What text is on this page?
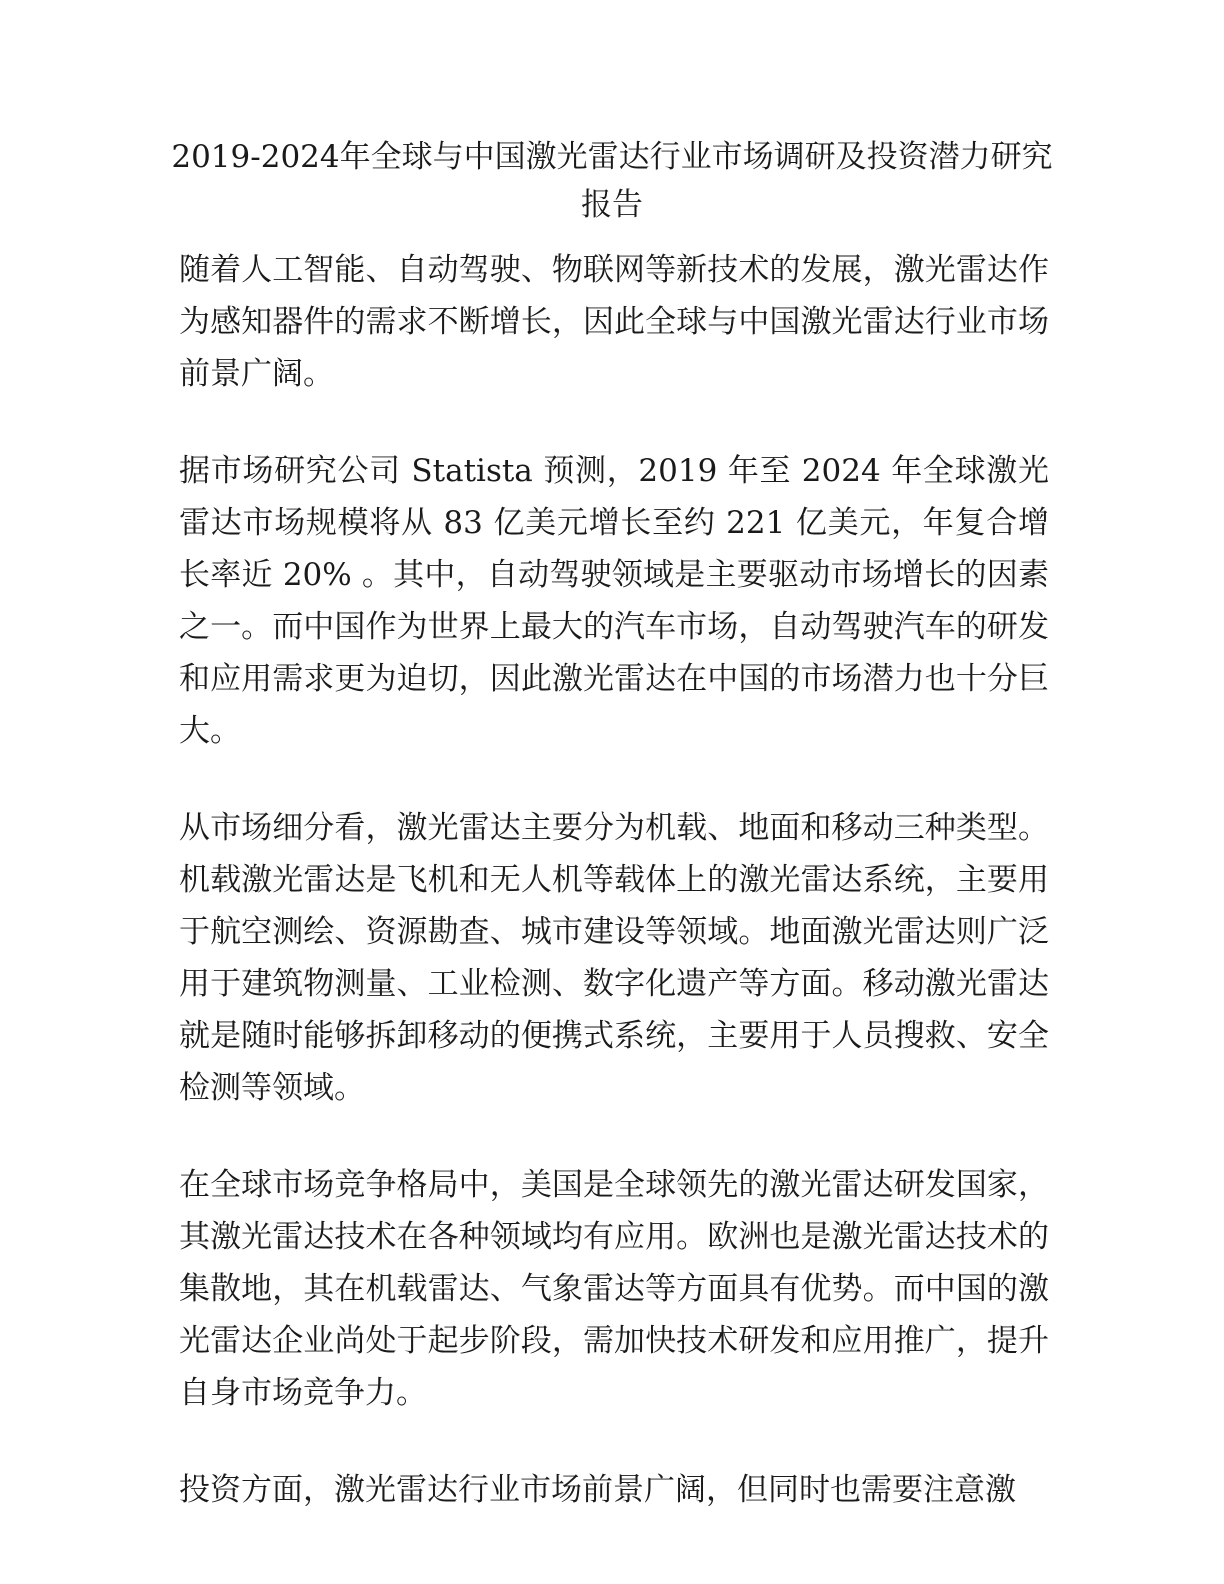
2019-2024年全球与中国激光雷达行业市场调研及投资潜力研究报告

随着人工智能、自动驾驶、物联网等新技术的发展，激光雷达作为感知器件的需求不断增长，因此全球与中国激光雷达行业市场前景广阔。

据市场研究公司 Statista 预测，2019 年至 2024 年全球激光雷达市场规模将从 83 亿美元增长至约 221 亿美元，年复合增长率近 20% 。其中，自动驾驶领域是主要驱动市场增长的因素之一。而中国作为世界上最大的汽车市场，自动驾驶汽车的研发和应用需求更为迫切，因此激光雷达在中国的市场潜力也十分巨大。

从市场细分看，激光雷达主要分为机载、地面和移动三种类型。机载激光雷达是飞机和无人机等载体上的激光雷达系统，主要用于航空测绘、资源勘查、城市建设等领域。地面激光雷达则广泛用于建筑物测量、工业检测、数字化遗产等方面。移动激光雷达就是随时能够拆卸移动的便携式系统，主要用于人员搜救、安全检测等领域。

在全球市场竞争格局中，美国是全球领先的激光雷达研发国家，其激光雷达技术在各种领域均有应用。欧洲也是激光雷达技术的集散地，其在机载雷达、气象雷达等方面具有优势。而中国的激光雷达企业尚处于起步阶段，需加快技术研发和应用推广，提升自身市场竞争力。

投资方面，激光雷达行业市场前景广阔，但同时也需要注意激
